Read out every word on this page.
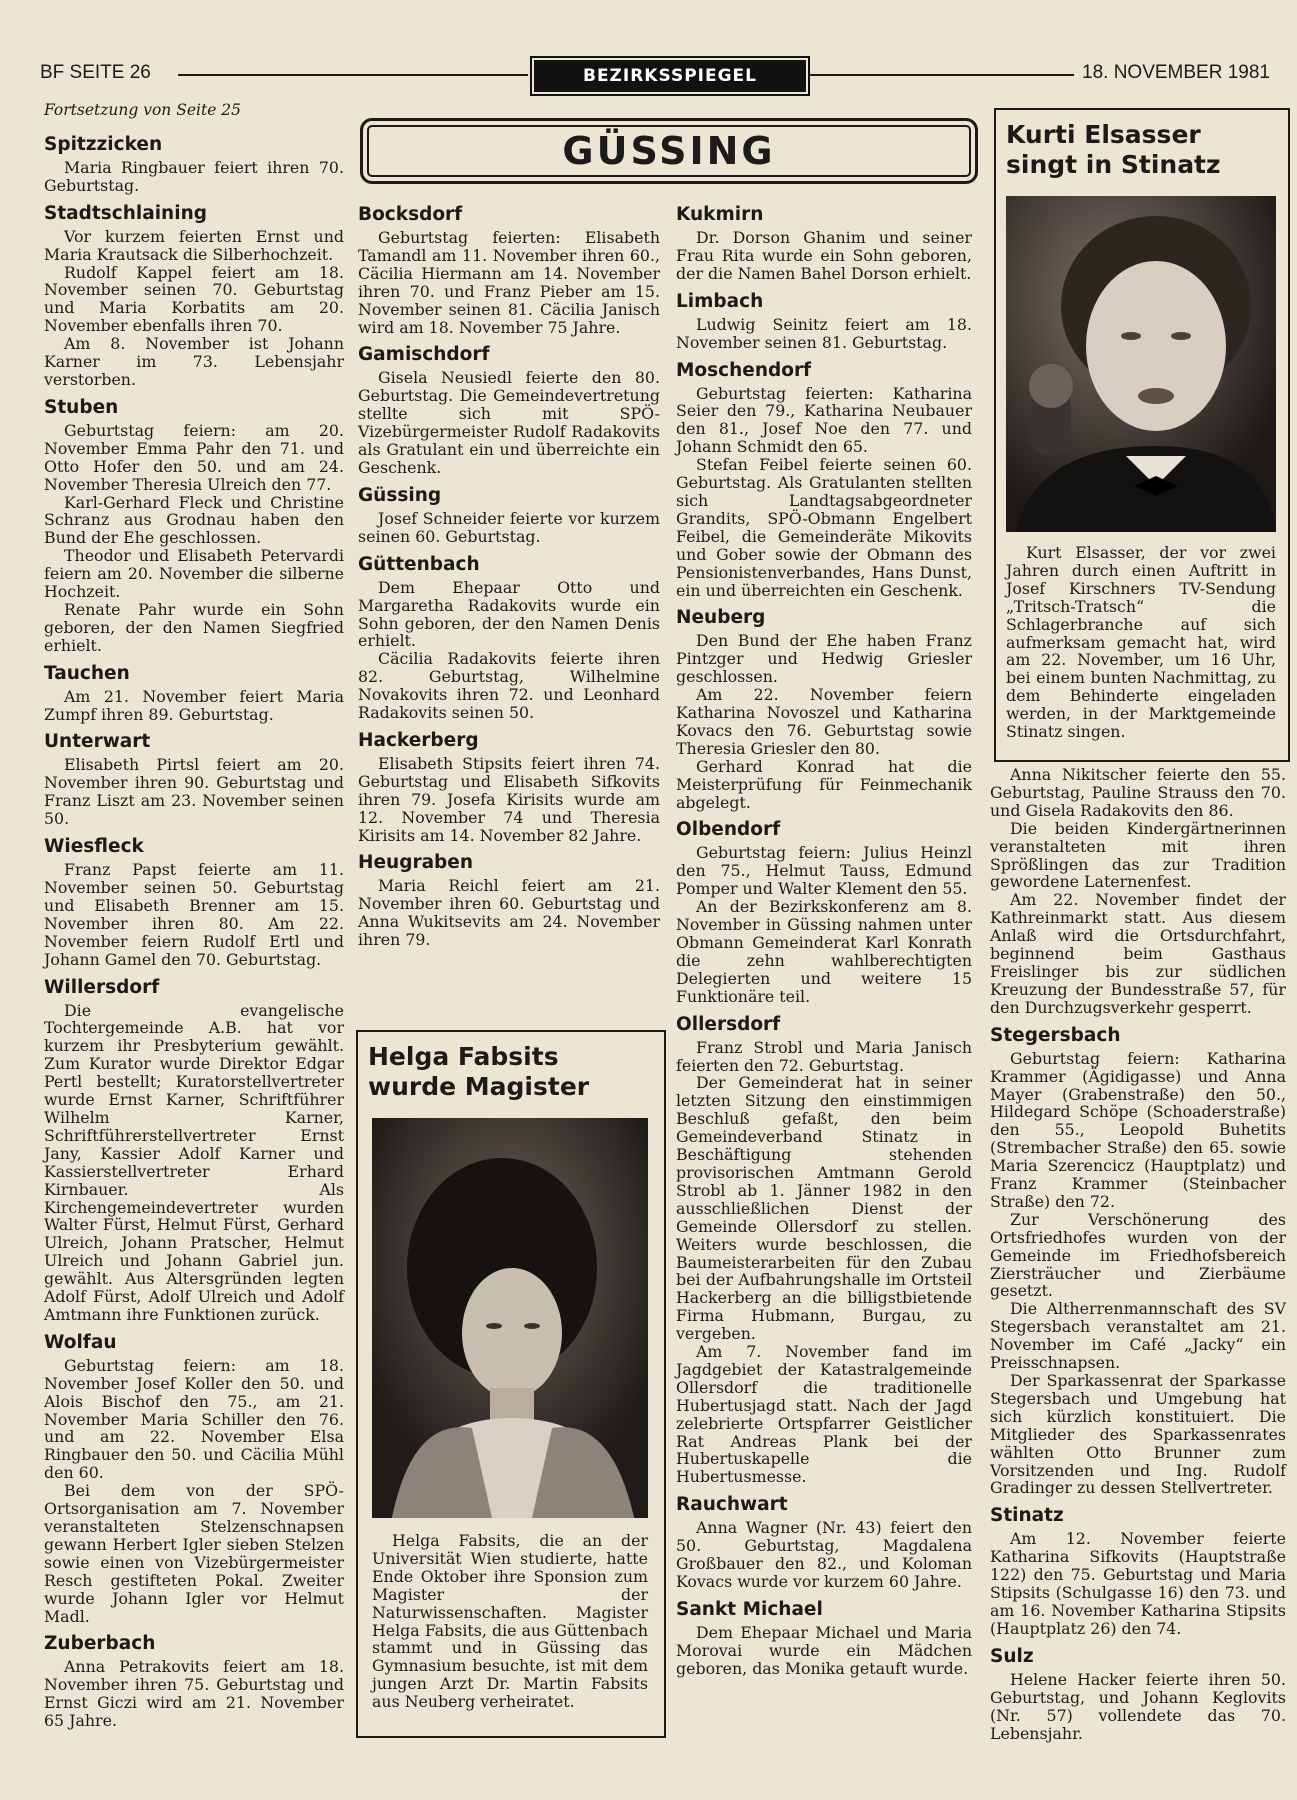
BF SEITE 26	BEZIRKSSPIEGEL	18. NOVEMBER 1981
GÜSSING
Fortsetzung von Seite 25
Spitzzicken

Maria Ringbauer feiert ihren 70. Geburtstag.

Stadtschlaining

Vor kurzem feierten Ernst und Maria Krautsack die Silberhochzeit.

Rudolf Kappel feiert am 18. November seinen 70. Geburtstag und Maria Korbatits am 20. November ebenfalls ihren 70.

Am 8. November ist Johann Karner im 73. Lebensjahr verstorben.

Stuben

Geburtstag feiern: am 20. November Emma Pahr den 71. und Otto Hofer den 50. und am 24. November Theresia Ulreich den 77.

Karl-Gerhard Fleck und Christine Schranz aus Grodnau haben den Bund der Ehe geschlossen.

Theodor und Elisabeth Petervardi feiern am 20. November die silberne Hochzeit.

Renate Pahr wurde ein Sohn geboren, der den Namen Siegfried erhielt.

Tauchen

Am 21. November feiert Maria Zumpf ihren 89. Geburtstag.

Unterwart

Elisabeth Pirtsl feiert am 20. November ihren 90. Geburtstag und Franz Liszt am 23. November seinen 50.

Wiesfleck

Franz Papst feierte am 11. November seinen 50. Geburtstag und Elisabeth Brenner am 15. November ihren 80. Am 22. November feiern Rudolf Ertl und Johann Gamel den 70. Geburtstag.

Willersdorf

Die evangelische Tochtergemeinde A.B. hat vor kurzem ihr Presbyterium gewählt. Zum Kurator wurde Direktor Edgar Pertl bestellt; Kuratorstellvertreter wurde Ernst Karner, Schriftführer Wilhelm Karner, Schriftführerstellvertreter Ernst Jany, Kassier Adolf Karner und Kassierstellvertreter Erhard Kirnbauer. Als Kirchengemeindevertreter wurden Walter Fürst, Helmut Fürst, Gerhard Ulreich, Johann Pratscher, Helmut Ulreich und Johann Gabriel jun. gewählt. Aus Altersgründen legten Adolf Fürst, Adolf Ulreich und Adolf Amtmann ihre Funktionen zurück.

Wolfau

Geburtstag feiern: am 18. November Josef Koller den 50. und Alois Bischof den 75., am 21. November Maria Schiller den 76. und am 22. November Elsa Ringbauer den 50. und Cäcilia Mühl den 60.

Bei dem von der SPÖ-Ortsorganisation am 7. November veranstalteten Stelzenschnapsen gewann Herbert Igler sieben Stelzen sowie einen von Vizebürgermeister Resch gestifteten Pokal. Zweiter wurde Johann Igler vor Helmut Madl.

Zuberbach

Anna Petrakovits feiert am 18. November ihren 75. Geburtstag und Ernst Giczi wird am 21. November 65 Jahre.

Bocksdorf

Geburtstag feierten: Elisabeth Tamandl am 11. November ihren 60., Cäcilia Hiermann am 14. November ihren 70. und Franz Pieber am 15. November seinen 81. Cäcilia Janisch wird am 18. November 75 Jahre.

Gamischdorf

Gisela Neusiedl feierte den 80. Geburtstag. Die Gemeindevertretung stellte sich mit SPÖ-Vizebürgermeister Rudolf Radakovits als Gratulant ein und überreichte ein Geschenk.

Güssing

Josef Schneider feierte vor kurzem seinen 60. Geburtstag.

Güttenbach

Dem Ehepaar Otto und Margaretha Radakovits wurde ein Sohn geboren, der den Namen Denis erhielt.

Cäcilia Radakovits feierte ihren 82. Geburtstag, Wilhelmine Novakovits ihren 72. und Leonhard Radakovits seinen 50.

Hackerberg

Elisabeth Stipsits feiert ihren 74. Geburtstag und Elisabeth Sifkovits ihren 79. Josefa Kirisits wurde am 12. November 74 und Theresia Kirisits am 14. November 82 Jahre.

Heugraben

Maria Reichl feiert am 21. November ihren 60. Geburtstag und Anna Wukitsevits am 24. November ihren 79.

Helga Fabsits wurde Magister

Helga Fabsits, die an der Universität Wien studierte, hatte Ende Oktober ihre Sponsion zum Magister der Naturwissenschaften. Magister Helga Fabsits, die aus Güttenbach stammt und in Güssing das Gymnasium besuchte, ist mit dem jungen Arzt Dr. Martin Fabsits aus Neuberg verheiratet.

Kukmirn

Dr. Dorson Ghanim und seiner Frau Rita wurde ein Sohn geboren, der die Namen Bahel Dorson erhielt.

Limbach

Ludwig Seinitz feiert am 18. November seinen 81. Geburtstag.

Moschendorf

Geburtstag feierten: Katharina Seier den 79., Katharina Neubauer den 81., Josef Noe den 77. und Johann Schmidt den 65.

Stefan Feibel feierte seinen 60. Geburtstag. Als Gratulanten stellten sich Landtagsabgeordneter Grandits, SPÖ-Obmann Engelbert Feibel, die Gemeinderäte Mikovits und Gober sowie der Obmann des Pensionistenverbandes, Hans Dunst, ein und überreichten ein Geschenk.

Neuberg

Den Bund der Ehe haben Franz Pintzger und Hedwig Griesler geschlossen.

Am 22. November feiern Katharina Novoszel und Katharina Kovacs den 76. Geburtstag sowie Theresia Griesler den 80.

Gerhard Konrad hat die Meisterprüfung für Feinmechanik abgelegt.

Olbendorf

Geburtstag feiern: Julius Heinzl den 75., Helmut Tauss, Edmund Pomper und Walter Klement den 55.

An der Bezirkskonferenz am 8. November in Güssing nahmen unter Obmann Gemeinderat Karl Konrath die zehn wahlberechtigten Delegierten und weitere 15 Funktionäre teil.

Ollersdorf

Franz Strobl und Maria Janisch feierten den 72. Geburtstag.

Der Gemeinderat hat in seiner letzten Sitzung den einstimmigen Beschluß gefaßt, den beim Gemeindeverband Stinatz in Beschäftigung stehenden provisorischen Amtmann Gerold Strobl ab 1. Jänner 1982 in den ausschließlichen Dienst der Gemeinde Ollersdorf zu stellen. Weiters wurde beschlossen, die Baumeisterarbeiten für den Zubau bei der Aufbahrungshalle im Ortsteil Hackerberg an die billigstbietende Firma Hubmann, Burgau, zu vergeben.

Am 7. November fand im Jagdgebiet der Katastralgemeinde Ollersdorf die traditionelle Hubertusjagd statt. Nach der Jagd zelebrierte Ortspfarrer Geistlicher Rat Andreas Plank bei der Hubertuskapelle die Hubertusmesse.

Rauchwart

Anna Wagner (Nr. 43) feiert den 50. Geburtstag, Magdalena Großbauer den 82., und Koloman Kovacs wurde vor kurzem 60 Jahre.

Sankt Michael

Dem Ehepaar Michael und Maria Morovai wurde ein Mädchen geboren, das Monika getauft wurde.

Kurti Elsasser singt in Stinatz

Kurt Elsasser, der vor zwei Jahren durch einen Auftritt in Josef Kirschners TV-Sendung „Tritsch-Tratsch“ die Schlagerbranche auf sich aufmerksam gemacht hat, wird am 22. November, um 16 Uhr, bei einem bunten Nachmittag, zu dem Behinderte eingeladen werden, in der Marktgemeinde Stinatz singen.

Anna Nikitscher feierte den 55. Geburtstag, Pauline Strauss den 70. und Gisela Radakovits den 86.

Die beiden Kindergärtnerinnen veranstalteten mit ihren Sprößlingen das zur Tradition gewordene Laternenfest.

Am 22. November findet der Kathreinmarkt statt. Aus diesem Anlaß wird die Ortsdurchfahrt, beginnend beim Gasthaus Freislinger bis zur südlichen Kreuzung der Bundesstraße 57, für den Durchzugsverkehr gesperrt.

Stegersbach

Geburtstag feiern: Katharina Krammer (Ägidigasse) und Anna Mayer (Grabenstraße) den 50., Hildegard Schöpe (Schoaderstraße) den 55., Leopold Buhetits (Strembacher Straße) den 65. sowie Maria Szerencicz (Hauptplatz) und Franz Krammer (Steinbacher Straße) den 72.

Zur Verschönerung des Ortsfriedhofes wurden von der Gemeinde im Friedhofsbereich Ziersträucher und Zierbäume gesetzt.

Die Altherrenmannschaft des SV Stegersbach veranstaltet am 21. November im Café „Jacky“ ein Preisschnapsen.

Der Sparkassenrat der Sparkasse Stegersbach und Umgebung hat sich kürzlich konstituiert. Die Mitglieder des Sparkassenrates wählten Otto Brunner zum Vorsitzenden und Ing. Rudolf Gradinger zu dessen Stellvertreter.

Stinatz

Am 12. November feierte Katharina Sifkovits (Hauptstraße 122) den 75. Geburtstag und Maria Stipsits (Schulgasse 16) den 73. und am 16. November Katharina Stipsits (Hauptplatz 26) den 74.

Sulz

Helene Hacker feierte ihren 50. Geburtstag, und Johann Keglovits (Nr. 57) vollendete das 70. Lebensjahr.
